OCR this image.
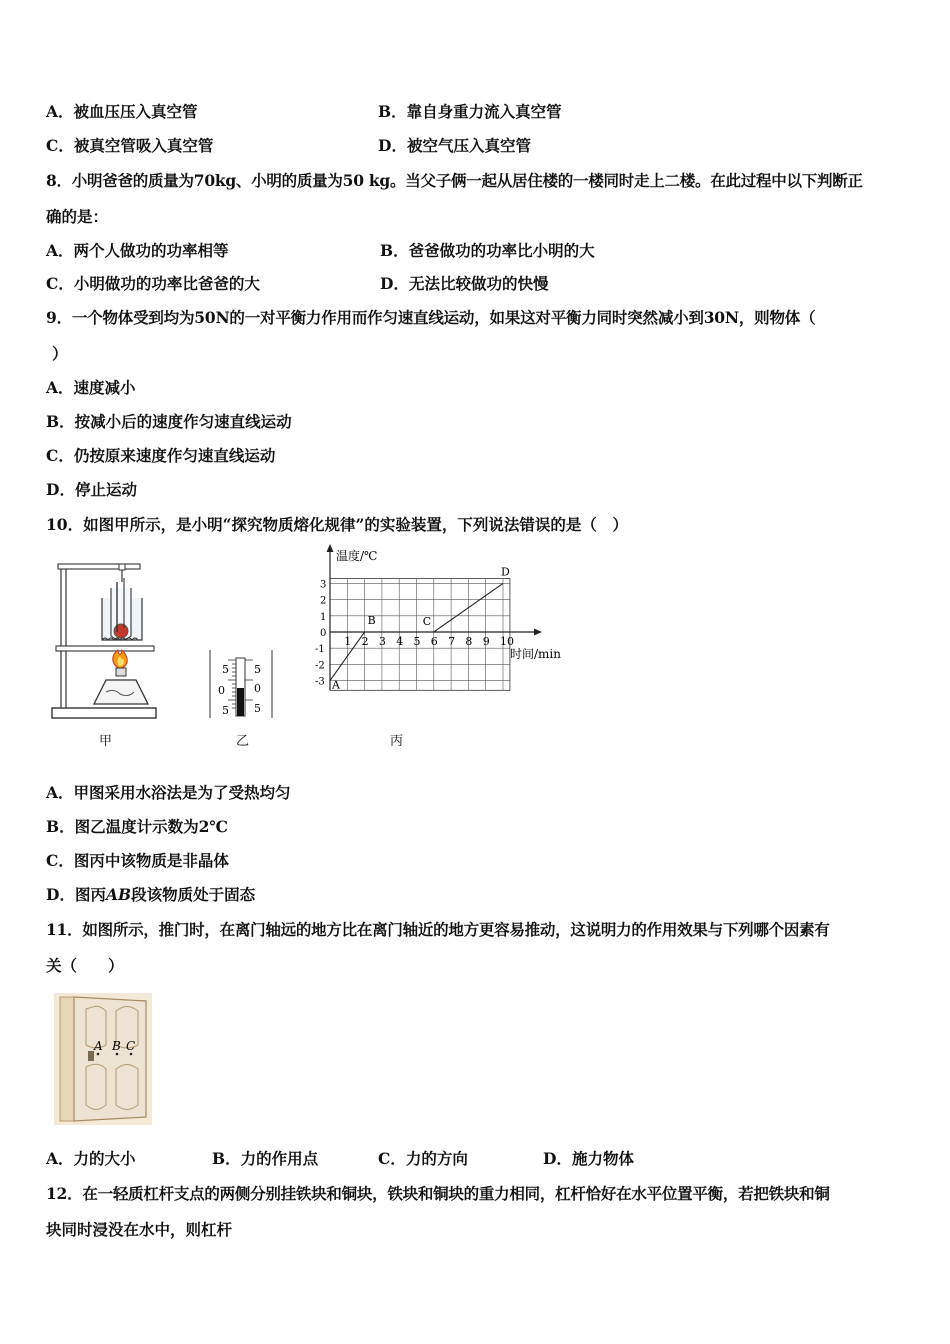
A．被血压压入真空管	B．靠自身重力流入真空管
C．被真空管吸入真空管	D．被空气压入真空管
8．小明爸爸的质量为70kg、小明的质量为50 kg。当父子俩一起从居住楼的一楼同时走上二楼。在此过程中以下判断正
确的是：
A．两个人做功的功率相等	B．爸爸做功的功率比小明的大
C．小明做功的功率比爸爸的大	D．无法比较做功的快慢
9．一个物体受到均为50N的一对平衡力作用而作匀速直线运动，如果这对平衡力同时突然减小到30N，则物体（
）
A．速度减小
B．按减小后的速度作匀速直线运动
C．仍按原来速度作匀速直线运动
D．停止运动
10．如图甲所示，是小明“探究物质熔化规律”的实验装置，下列说法错误的是（　）
甲
5
0
5
5
0
5
乙
1 2 3 4 5 6 7 8 9 10
3
2
1
0
-1
-2
-3 A
B	C
D
温度/℃
时间/min
丙
A．甲图采用水浴法是为了受热均匀
B．图乙温度计示数为2℃
C．图丙中该物质是非晶体
D．图丙AB段该物质处于固态
11．如图所示，推门时，在离门轴远的地方比在离门轴近的地方更容易推动，这说明力的作用效果与下列哪个因素有
关（　　）
A B C
A．力的大小	B．力的作用点	C．力的方向	D．施力物体
12．在一轻质杠杆支点的两侧分别挂铁块和铜块，铁块和铜块的重力相同，杠杆恰好在水平位置平衡，若把铁块和铜
块同时浸没在水中，则杠杆
